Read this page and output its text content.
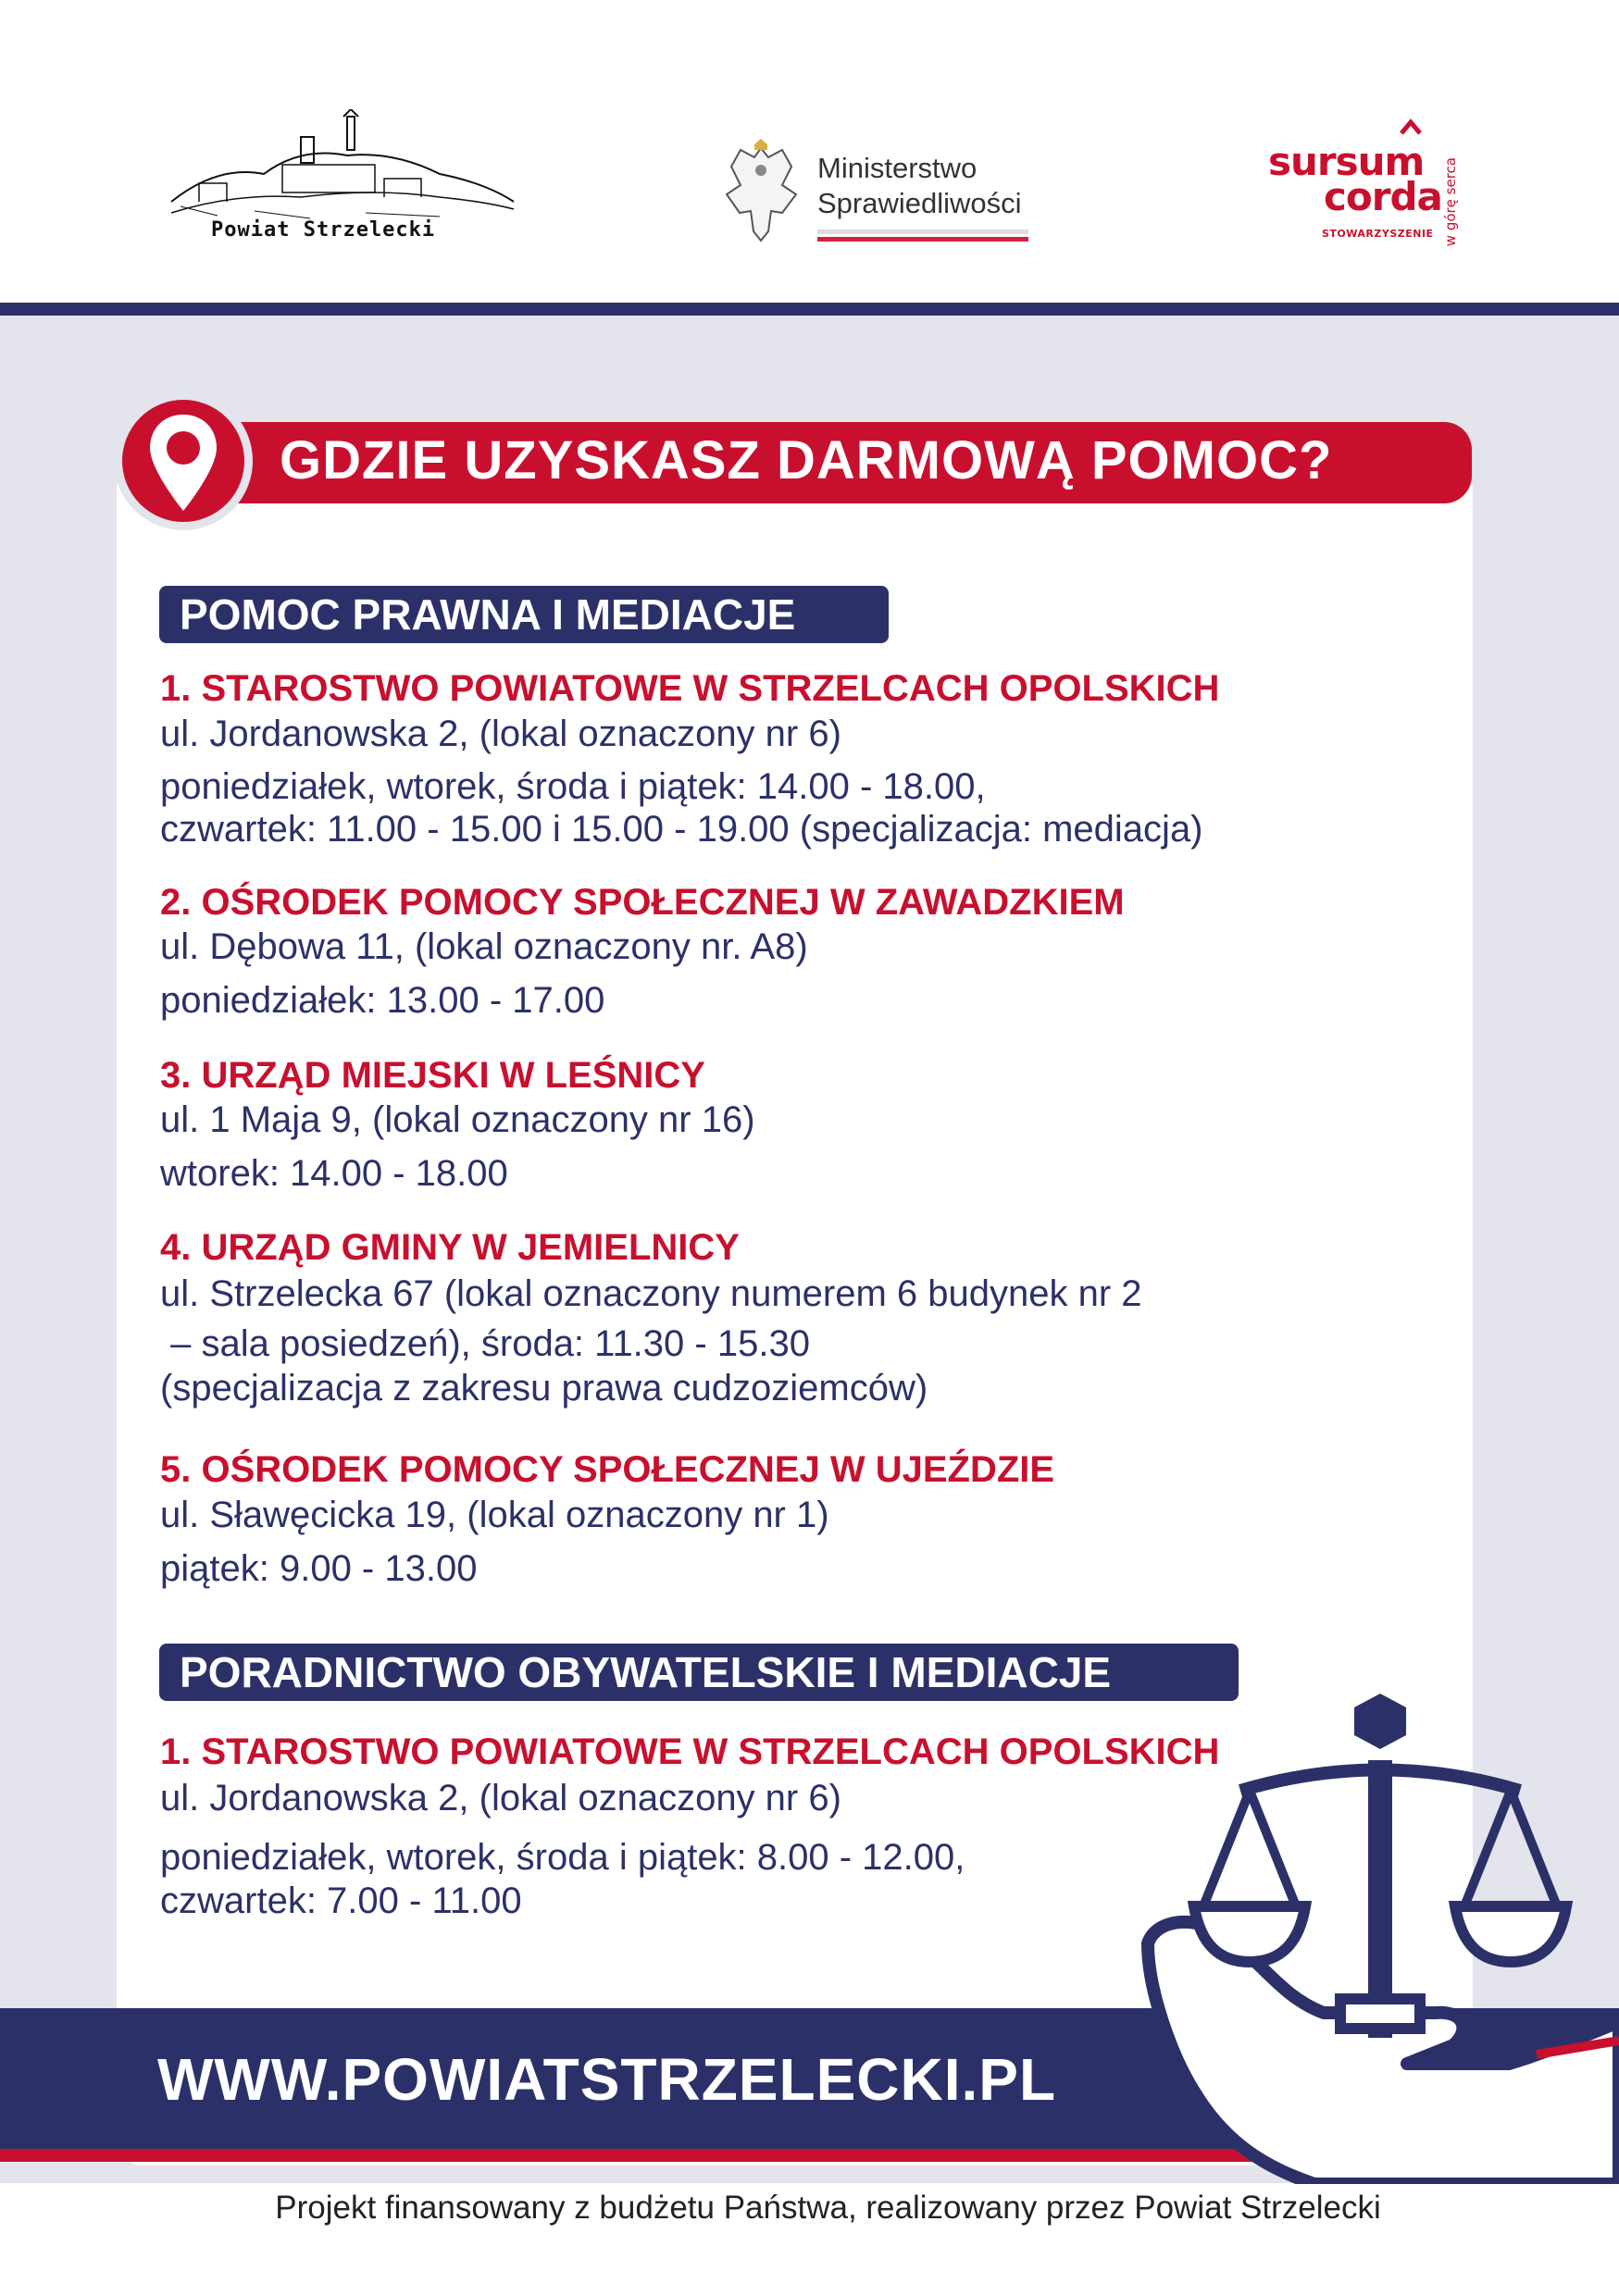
Powiat Strzelecki
Ministerstwo
Sprawiedliwości
sursum
corda
STOWARZYSZENIE w górę serca
GDZIE UZYSKASZ DARMOWĄ POMOC?
POMOC PRAWNA I MEDIACJE
1. STAROSTWO POWIATOWE W STRZELCACH OPOLSKICH
ul. Jordanowska 2, (lokal oznaczony nr 6)
poniedziałek, wtorek, środa i piątek: 14.00 - 18.00,
czwartek: 11.00 - 15.00 i 15.00 - 19.00 (specjalizacja: mediacja)
2. OŚRODEK POMOCY SPOŁECZNEJ W ZAWADZKIEM
ul. Dębowa 11, (lokal oznaczony nr. A8)
poniedziałek: 13.00 - 17.00
3. URZĄD MIEJSKI W LEŚNICY
ul. 1 Maja 9, (lokal oznaczony nr 16)
wtorek: 14.00 - 18.00
4. URZĄD GMINY W JEMIELNICY
ul. Strzelecka 67 (lokal oznaczony numerem 6 budynek nr 2
– sala posiedzeń), środa: 11.30 - 15.30
(specjalizacja z zakresu prawa cudzoziemców)
5. OŚRODEK POMOCY SPOŁECZNEJ W UJEŹDZIE
ul. Sławęcicka 19, (lokal oznaczony nr 1)
piątek: 9.00 - 13.00
PORADNICTWO OBYWATELSKIE I MEDIACJE
1. STAROSTWO POWIATOWE W STRZELCACH OPOLSKICH
ul. Jordanowska 2, (lokal oznaczony nr 6)
poniedziałek, wtorek, środa i piątek: 8.00 - 12.00,
czwartek: 7.00 - 11.00
WWW.POWIATSTRZELECKI.PL
Projekt finansowany z budżetu Państwa, realizowany przez Powiat Strzelecki
